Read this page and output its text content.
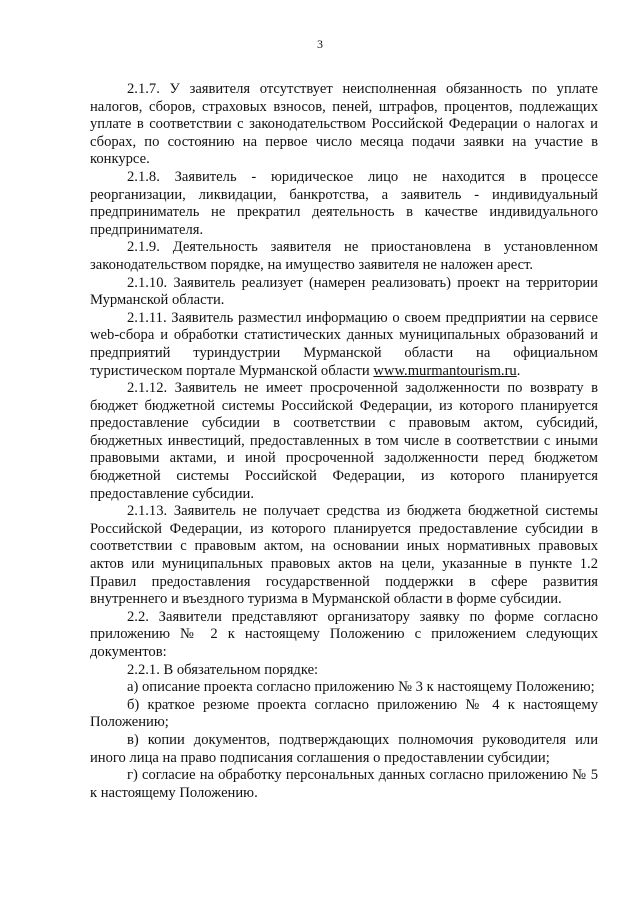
3

2.1.7. У заявителя отсутствует неисполненная обязанность по уплате налогов, сборов, страховых взносов, пеней, штрафов, процентов, подлежащих уплате в соответствии с законодательством Российской Федерации о налогах и сборах, по состоянию на первое число месяца подачи заявки на участие в конкурсе.

2.1.8. Заявитель - юридическое лицо не находится в процессе реорганизации, ликвидации, банкротства, а заявитель - индивидуальный предприниматель не прекратил деятельность в качестве индивидуального предпринимателя.

2.1.9. Деятельность заявителя не приостановлена в установленном законодательством порядке, на имущество заявителя не наложен арест.

2.1.10. Заявитель реализует (намерен реализовать) проект на территории Мурманской области.

2.1.11. Заявитель разместил информацию о своем предприятии на сервисе web-сбора и обработки статистических данных муниципальных образований и предприятий туриндустрии Мурманской области на официальном туристическом портале Мурманской области www.murmantourism.ru.

2.1.12. Заявитель не имеет просроченной задолженности по возврату в бюджет бюджетной системы Российской Федерации, из которого планируется предоставление субсидии в соответствии с правовым актом, субсидий, бюджетных инвестиций, предоставленных в том числе в соответствии с иными правовыми актами, и иной просроченной задолженности перед бюджетом бюджетной системы Российской Федерации, из которого планируется предоставление субсидии.

2.1.13. Заявитель не получает средства из бюджета бюджетной системы Российской Федерации, из которого планируется предоставление субсидии в соответствии с правовым актом, на основании иных нормативных правовых актов или муниципальных правовых актов на цели, указанные в пункте 1.2 Правил предоставления государственной поддержки в сфере развития внутреннего и въездного туризма в Мурманской области в форме субсидии.

2.2. Заявители представляют организатору заявку по форме согласно приложению № 2 к настоящему Положению с приложением следующих документов:

2.2.1. В обязательном порядке:

а) описание проекта согласно приложению № 3 к настоящему Положению;

б) краткое резюме проекта согласно приложению № 4 к настоящему Положению;

в) копии документов, подтверждающих полномочия руководителя или иного лица на право подписания соглашения о предоставлении субсидии;

г) согласие на обработку персональных данных согласно приложению № 5 к настоящему Положению.
